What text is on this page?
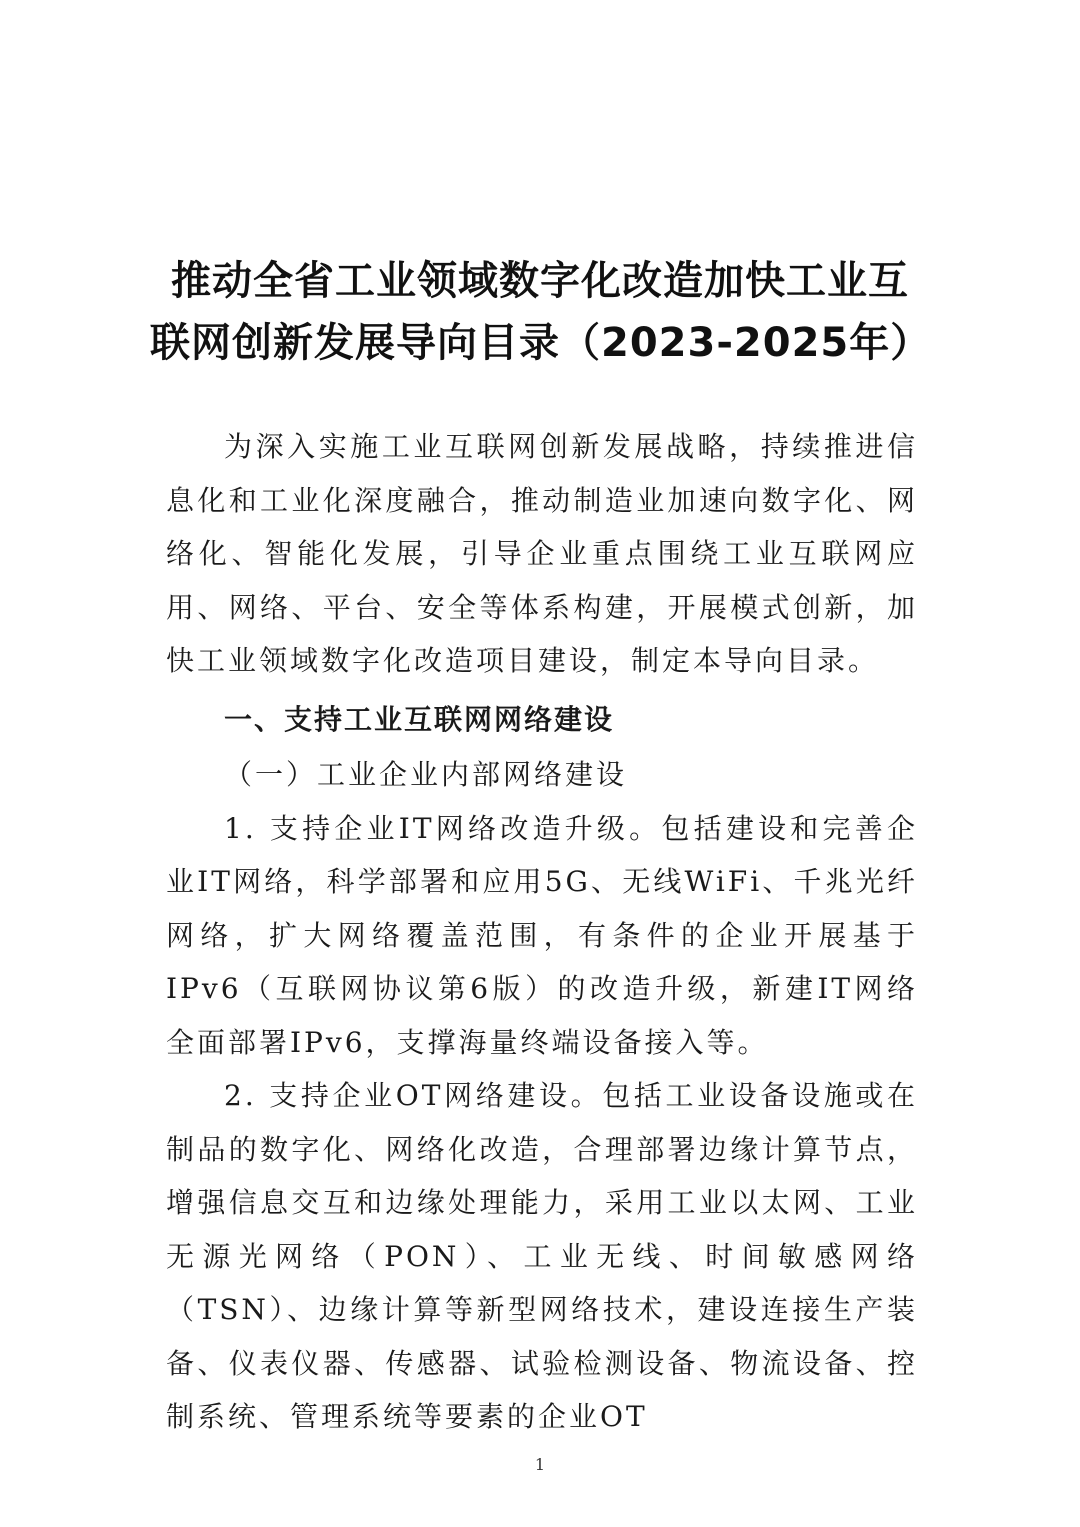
推动全省工业领域数字化改造加快工业互
联网创新发展导向目录（2023-2025年）

为深入实施工业互联网创新发展战略，持续推进信息化和工业化深度融合，推动制造业加速向数字化、网络化、智能化发展，引导企业重点围绕工业互联网应用、网络、平台、安全等体系构建，开展模式创新，加快工业领域数字化改造项目建设，制定本导向目录。

一、支持工业互联网网络建设

（一）工业企业内部网络建设

1. 支持企业IT网络改造升级。包括建设和完善企业IT网络，科学部署和应用5G、无线WiFi、千兆光纤网络，扩大网络覆盖范围，有条件的企业开展基于IPv6（互联网协议第6版）的改造升级，新建IT网络全面部署IPv6，支撑海量终端设备接入等。

2. 支持企业OT网络建设。包括工业设备设施或在制品的数字化、网络化改造，合理部署边缘计算节点，增强信息交互和边缘处理能力，采用工业以太网、工业无源光网络（PON）、工业无线、时间敏感网络（TSN）、边缘计算等新型网络技术，建设连接生产装备、仪表仪器、传感器、试验检测设备、物流设备、控制系统、管理系统等要素的企业OT

1
